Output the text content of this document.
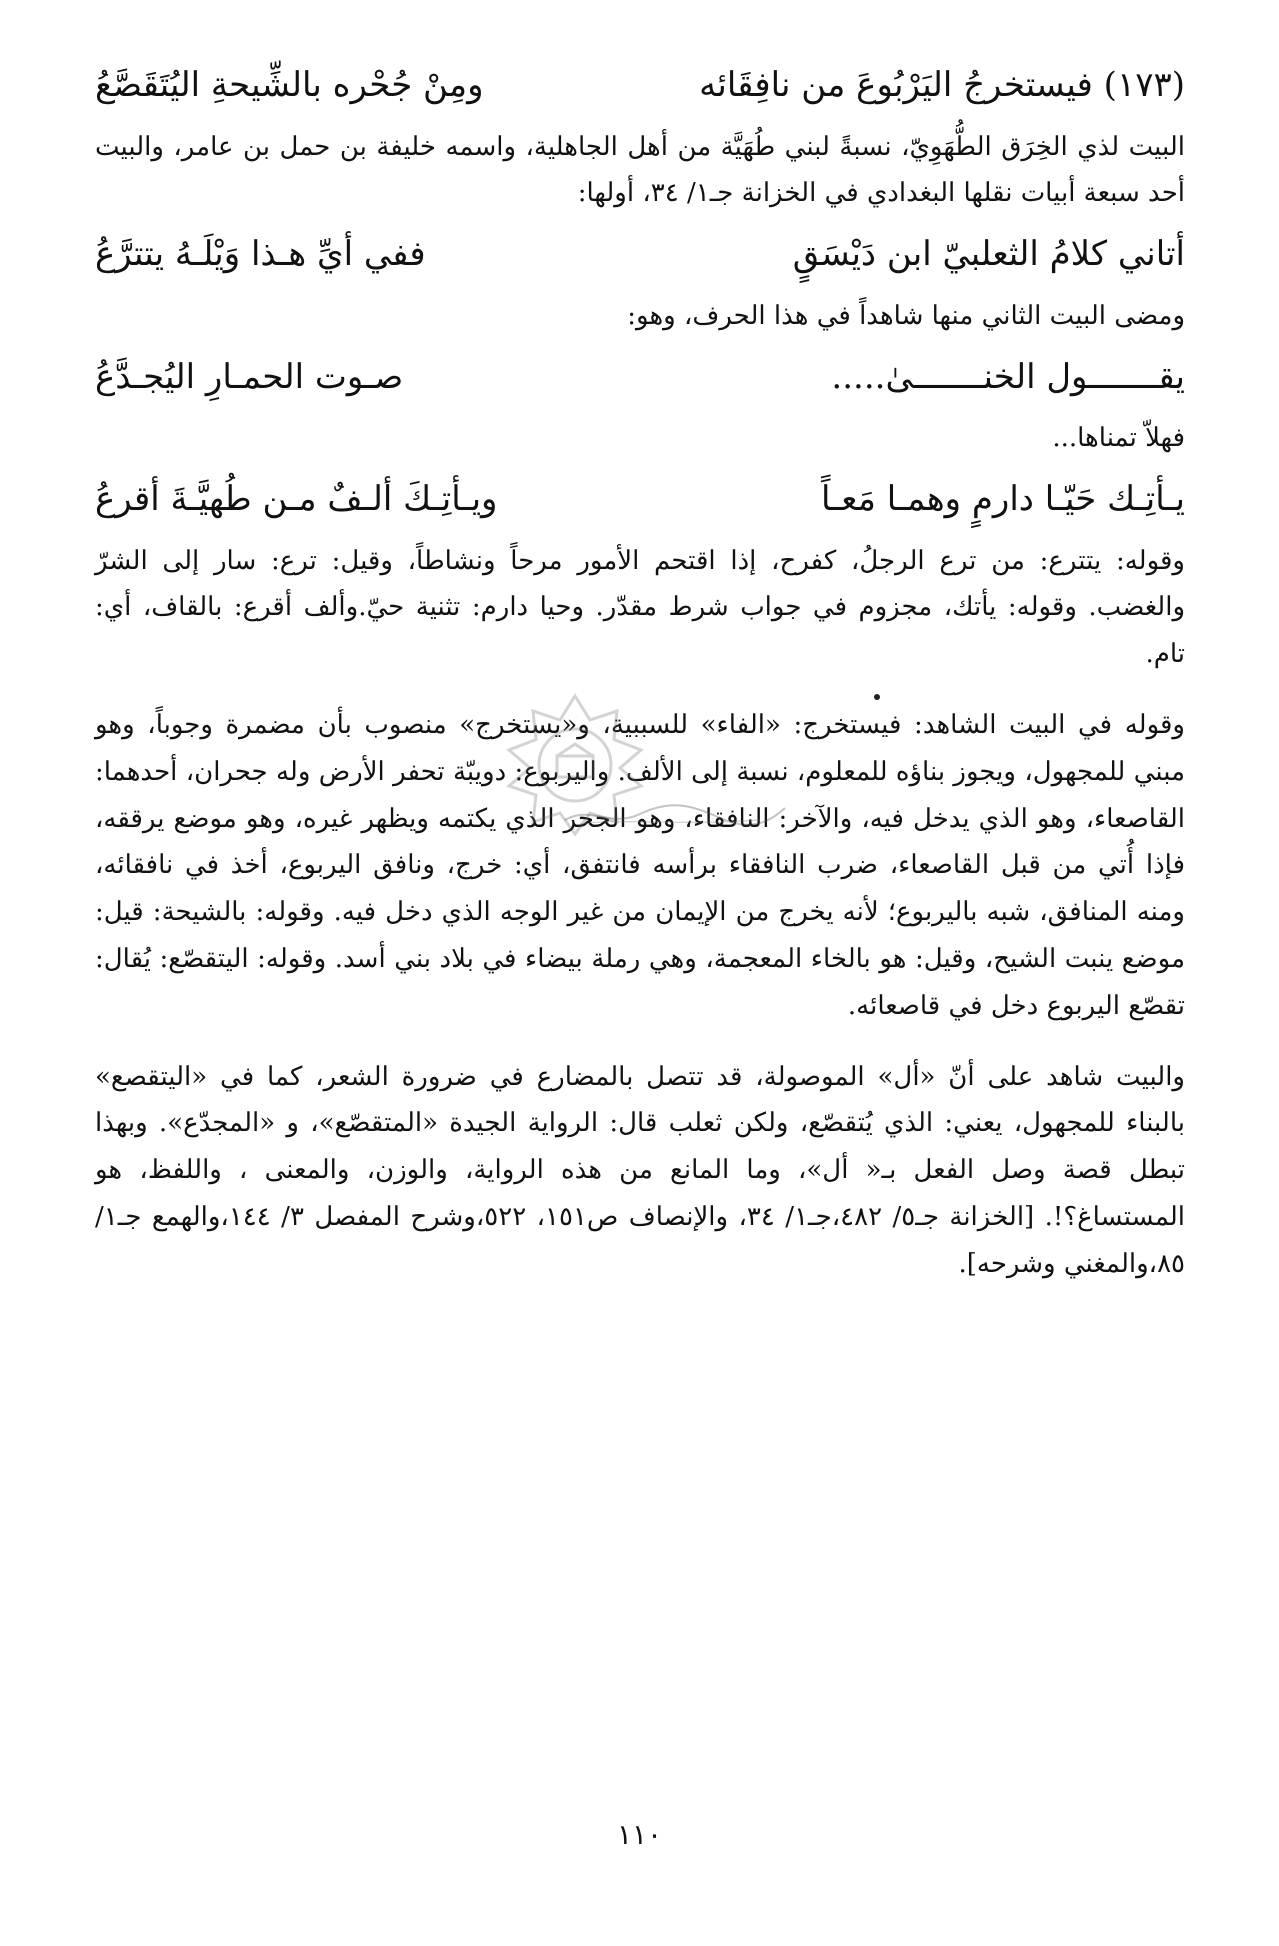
(١٧٣) فيستخرجُ اليَرْبُوعَ من نافِقَائه
ومِنْ جُحْره بالشِّيحةِ اليُتَقَصَّعُ

البيت لذي الخِرَق الطُّهَوِيّ، نسبةً لبني طُهَيَّة من أهل الجاهلية، واسمه خليفة بن حمل بن عامر، والبيت أحد سبعة أبيات نقلها البغدادي في الخزانة جـ١/ ٣٤، أولها:

أتاني كلامُ الثعلبيّ ابن دَيْسَقٍ
ففي أيِّ هـذا وَيْلَـهُ يتترَّعُ

ومضى البيت الثاني منها شاهداً في هذا الحرف، وهو:

يقـــــــول الخنـــــــىٰ.....
صـوت الحمـارِ اليُجـدَّعُ

فهلاّ تمناها...

يـأتِـك حَيّـا دارمٍ وهمـا مَعـاً
ويـأتِـكَ ألـفٌ مـن طُهيَّـةَ أقرعُ

وقوله: يتترع: من ترع الرجلُ، كفرح، إذا اقتحم الأمور مرحاً ونشاطاً، وقيل: ترع: سار إلى الشرّ والغضب. وقوله: يأتك، مجزوم في جواب شرط مقدّر. وحيا دارم: تثنية حيّ.وألف أقرع: بالقاف، أي: تام.

وقوله في البيت الشاهد: فيستخرج: «الفاء» للسببية، و«يستخرج» منصوب بأن مضمرة وجوباً، وهو مبني للمجهول، ويجوز بناؤه للمعلوم، نسبة إلى الألف. واليربوع: دويبّة تحفر الأرض وله جحران، أحدهما: القاصعاء، وهو الذي يدخل فيه، والآخر: النافقاء، وهو الجحر الذي يكتمه ويظهر غيره، وهو موضع يرققه، فإذا أُتي من قبل القاصعاء، ضرب النافقاء برأسه فانتفق، أي: خرج، ونافق اليربوع، أخذ في نافقائه، ومنه المنافق، شبه باليربوع؛ لأنه يخرج من الإيمان من غير الوجه الذي دخل فيه. وقوله: بالشيحة: قيل: موضع ينبت الشيح، وقيل: هو بالخاء المعجمة، وهي رملة بيضاء في بلاد بني أسد. وقوله: اليتقصّع: يُقال: تقصّع اليربوع دخل في قاصعائه.

والبيت شاهد على أنّ «أل» الموصولة، قد تتصل بالمضارع في ضرورة الشعر، كما في «اليتقصع» بالبناء للمجهول، يعني: الذي يُتقصّع، ولكن ثعلب قال: الرواية الجيدة «المتقصّع»، و «المجدّع». وبهذا تبطل قصة وصل الفعل بـ« أل»، وما المانع من هذه الرواية، والوزن، والمعنى ، واللفظ، هو المستساغ؟!. [الخزانة جـ٥/ ٤٨٢،جـ١/ ٣٤، والإنصاف ص١٥١، ٥٢٢،وشرح المفصل ٣/ ١٤٤،والهمع جـ١/ ٨٥،والمغني وشرحه].

١١٠
